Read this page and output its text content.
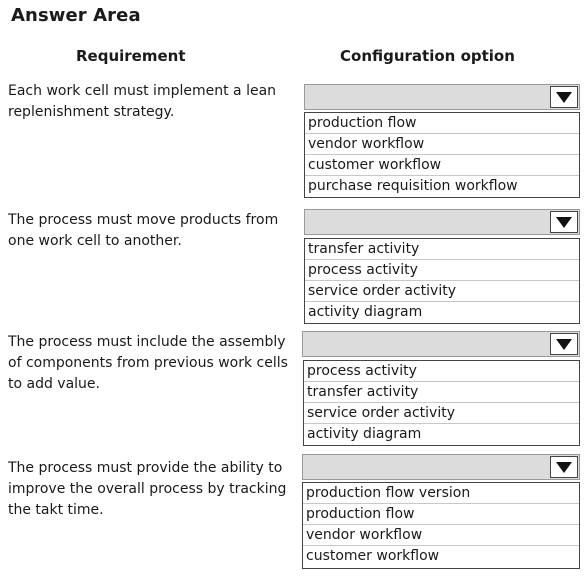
Answer Area
Requirement	Configuration option
Each work cell must implement a lean replenishment strategy.
production flow
vendor workflow
customer workflow
purchase requisition workflow
The process must move products from one work cell to another.	transfer activity
process activity
service order activity
activity diagram
The process must include the assembly of components from previous work cells to add value.
process activity
transfer activity
service order activity
activity diagram
The process must provide the ability to improve the overall process by tracking the takt time.
production flow version
production flow
vendor workflow
customer workflow
